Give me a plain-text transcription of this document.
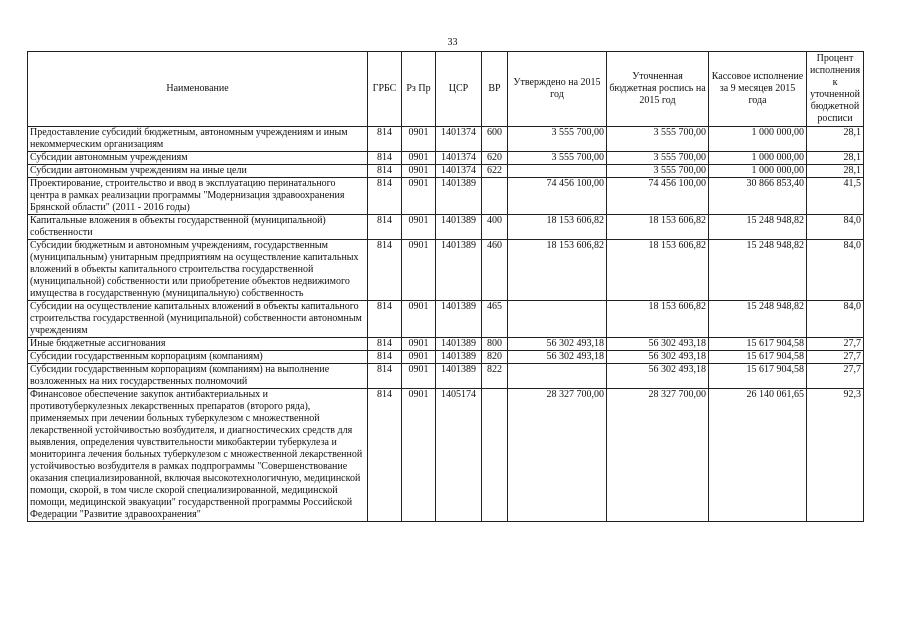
33
Наименование	ГРБС	Рз Пр	ЦСР	ВР	Утверждено на 2015 год	Уточненная бюджетная роспись на 2015 год	Кассовое исполнение за 9 месяцев 2015 года	Процент исполнения к уточненной бюджетной росписи
Предоставление субсидий бюджетным, автономным учреждениям и иным некоммерческим организациям	814	0901	1401374	600	3 555 700,00	3 555 700,00	1 000 000,00	28,1
Субсидии автономным учреждениям	814	0901	1401374	620	3 555 700,00	3 555 700,00	1 000 000,00	28,1
Субсидии автономным учреждениям на иные цели	814	0901	1401374	622		3 555 700,00	1 000 000,00	28,1
Проектирование, строительство и ввод в эксплуатацию перинатального центра в рамках реализации программы "Модернизация здравоохранения Брянской области" (2011 - 2016 годы)	814	0901	1401389		74 456 100,00	74 456 100,00	30 866 853,40	41,5
Капитальные вложения в объекты государственной (муниципальной) собственности	814	0901	1401389	400	18 153 606,82	18 153 606,82	15 248 948,82	84,0
Субсидии бюджетным и автономным учреждениям, государственным (муниципальным) унитарным предприятиям на осуществление капитальных вложений в объекты капитального строительства государственной (муниципальной) собственности или приобретение объектов недвижимого имущества в государственную (муниципальную) собственность	814	0901	1401389	460	18 153 606,82	18 153 606,82	15 248 948,82	84,0
Субсидии на осуществление капитальных вложений в объекты капитального строительства государственной (муниципальной) собственности автономным учреждениям	814	0901	1401389	465		18 153 606,82	15 248 948,82	84,0
Иные бюджетные ассигнования	814	0901	1401389	800	56 302 493,18	56 302 493,18	15 617 904,58	27,7
Субсидии государственным корпорациям (компаниям)	814	0901	1401389	820	56 302 493,18	56 302 493,18	15 617 904,58	27,7
Субсидии государственным корпорациям (компаниям) на выполнение возложенных на них государственных полномочий	814	0901	1401389	822		56 302 493,18	15 617 904,58	27,7
Финансовое обеспечение закупок антибактериальных и противотуберкулезных лекарственных препаратов (второго ряда), применяемых при лечении больных туберкулезом с множественной лекарственной устойчивостью возбудителя, и диагностических средств для выявления, определения чувствительности микобактерии туберкулеза и мониторинга лечения больных туберкулезом с множественной лекарственной устойчивостью возбудителя в рамках подпрограммы "Совершенствование оказания специализированной, включая высокотехнологичную, медицинской помощи, скорой, в том числе скорой специализированной, медицинской помощи, медицинской эвакуации" государственной программы Российской Федерации "Развитие здравоохранения"	814	0901	1405174		28 327 700,00	28 327 700,00	26 140 061,65	92,3
